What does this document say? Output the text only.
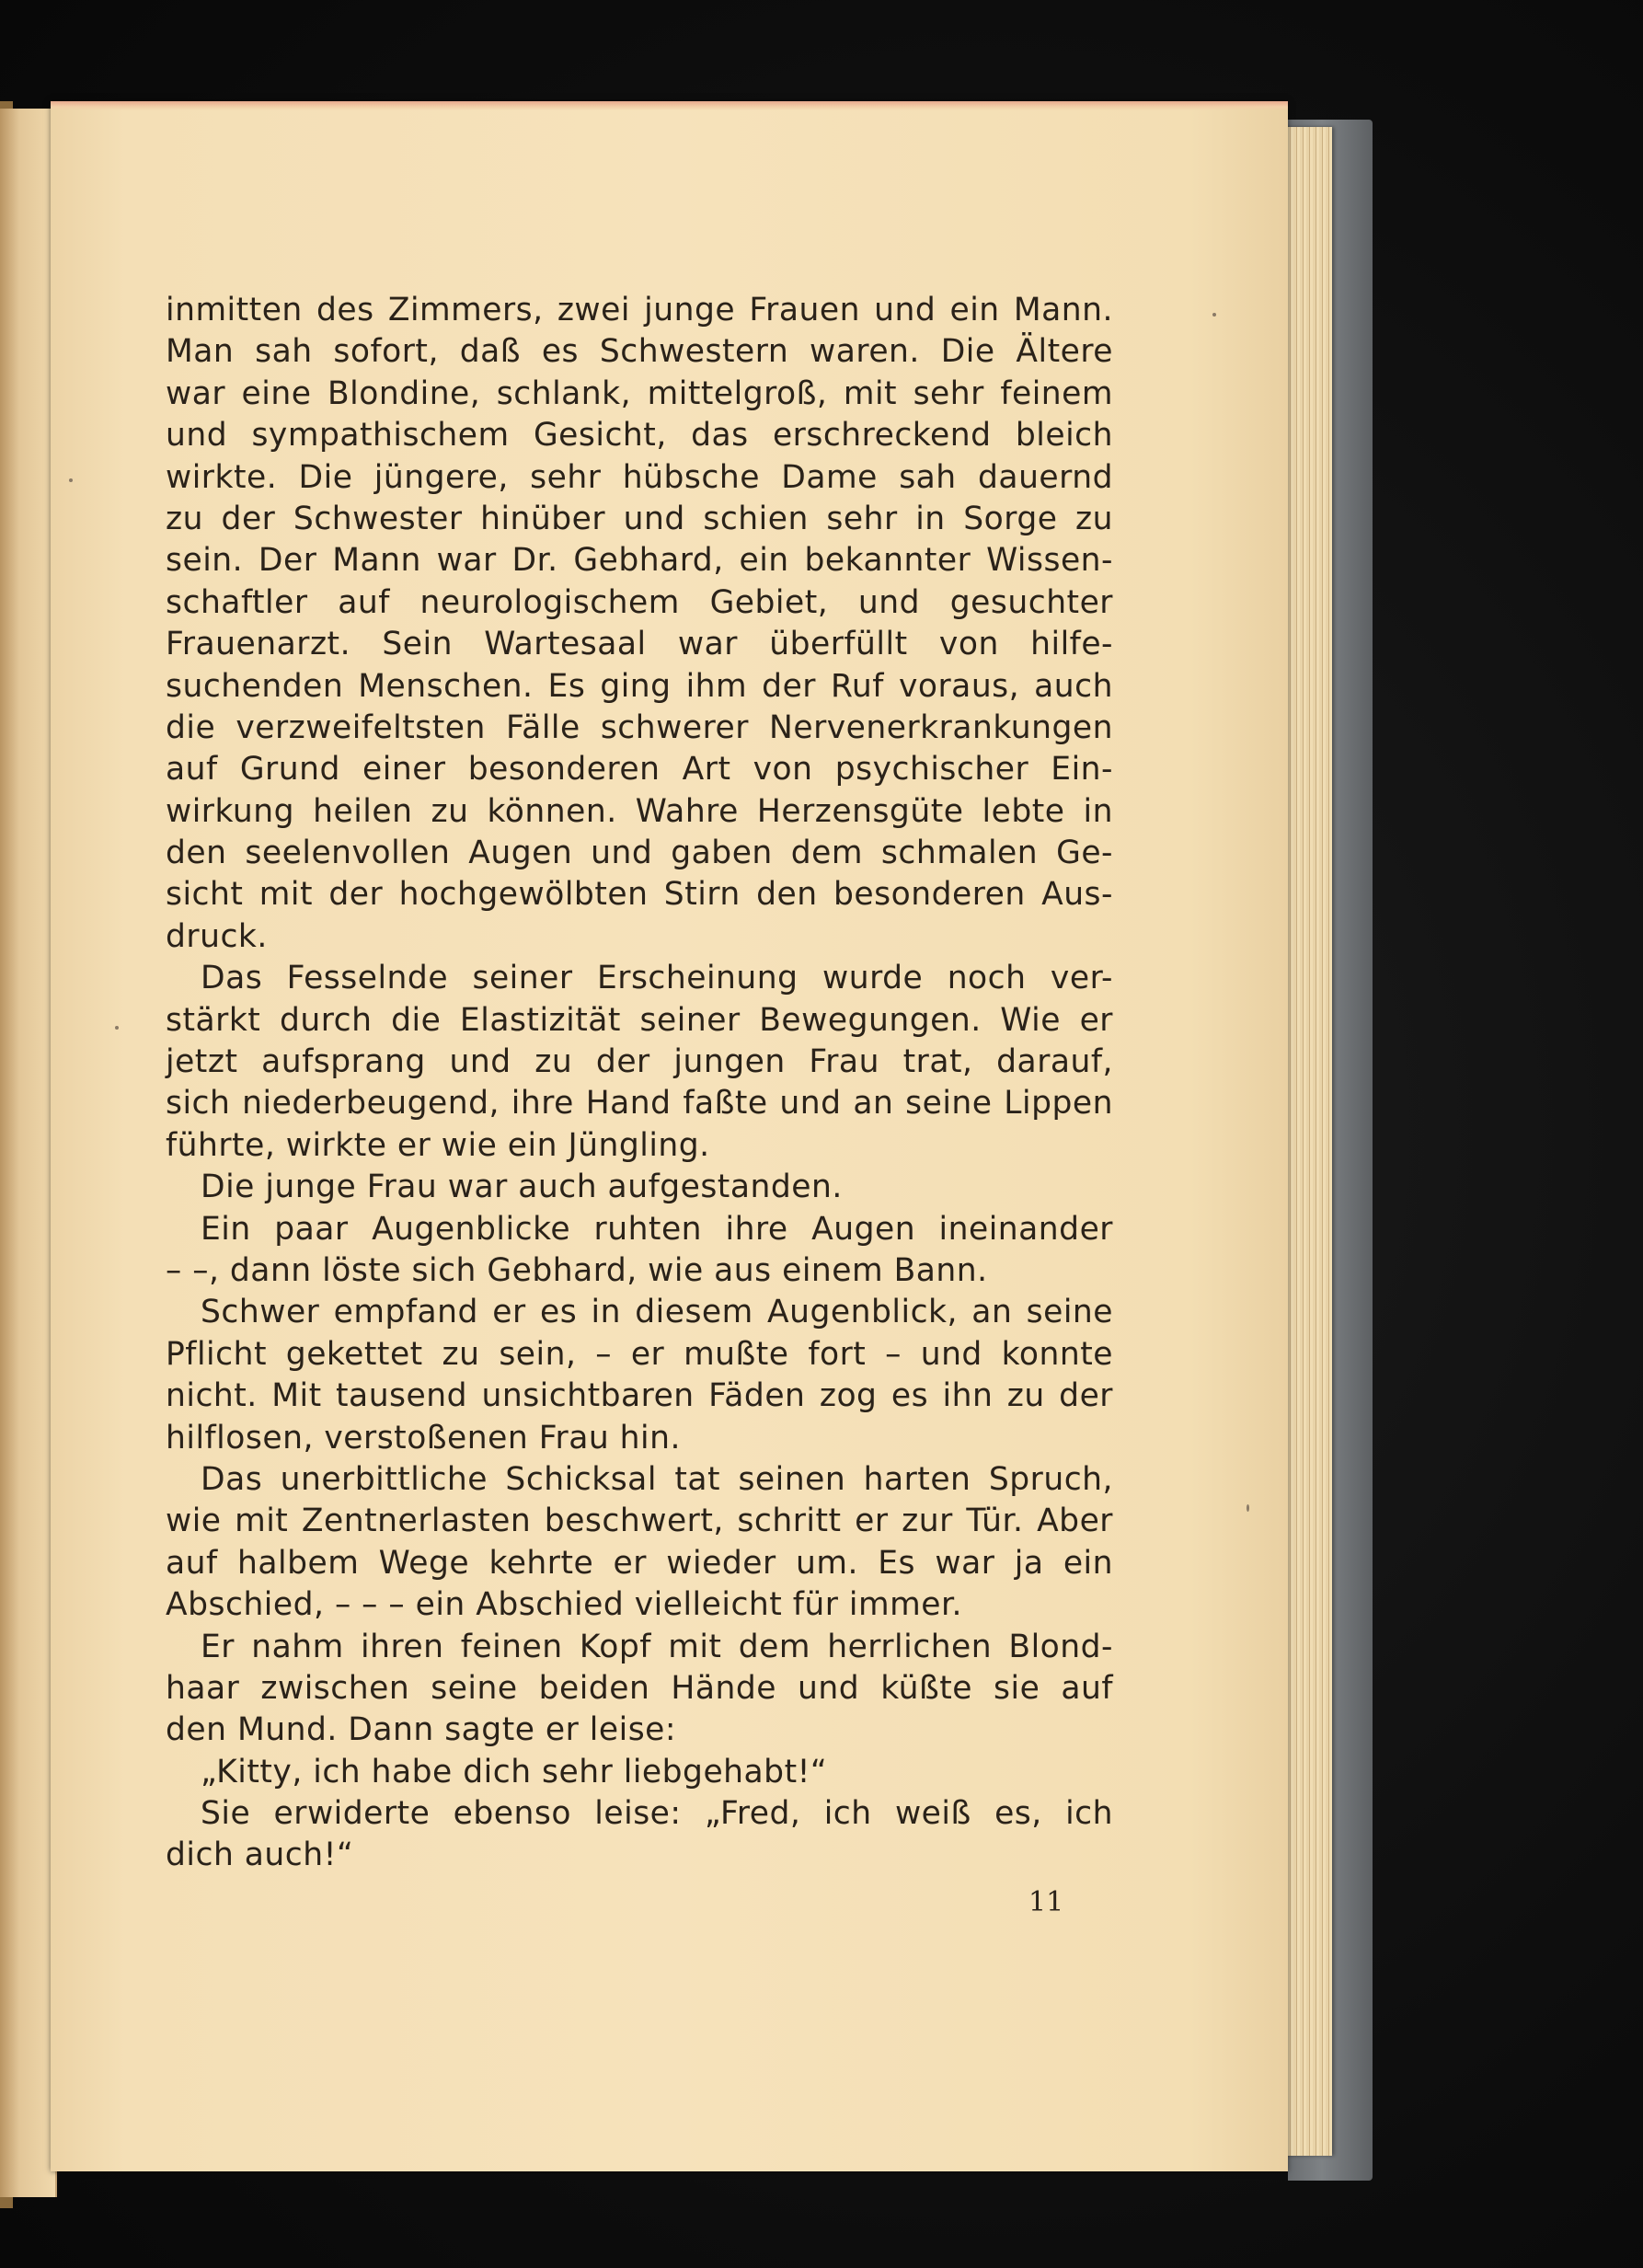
inmitten des Zimmers, zwei junge Frauen und ein Mann.
Man sah sofort, daß es Schwestern waren. Die Ältere
war eine Blondine, schlank, mittelgroß, mit sehr feinem
und sympathischem Gesicht, das erschreckend bleich
wirkte. Die jüngere, sehr hübsche Dame sah dauernd
zu der Schwester hinüber und schien sehr in Sorge zu
sein. Der Mann war Dr. Gebhard, ein bekannter Wissen-
schaftler auf neurologischem Gebiet, und gesuchter
Frauenarzt. Sein Wartesaal war überfüllt von hilfe-
suchenden Menschen. Es ging ihm der Ruf voraus, auch
die verzweifeltsten Fälle schwerer Nervenerkrankungen
auf Grund einer besonderen Art von psychischer Ein-
wirkung heilen zu können. Wahre Herzensgüte lebte in
den seelenvollen Augen und gaben dem schmalen Ge-
sicht mit der hochgewölbten Stirn den besonderen Aus-
druck.
Das Fesselnde seiner Erscheinung wurde noch ver-
stärkt durch die Elastizität seiner Bewegungen. Wie er
jetzt aufsprang und zu der jungen Frau trat, darauf,
sich niederbeugend, ihre Hand faßte und an seine Lippen
führte, wirkte er wie ein Jüngling.
Die junge Frau war auch aufgestanden.
Ein paar Augenblicke ruhten ihre Augen ineinander
– –, dann löste sich Gebhard, wie aus einem Bann.
Schwer empfand er es in diesem Augenblick, an seine
Pflicht gekettet zu sein, – er mußte fort – und konnte
nicht. Mit tausend unsichtbaren Fäden zog es ihn zu der
hilflosen, verstoßenen Frau hin.
Das unerbittliche Schicksal tat seinen harten Spruch,
wie mit Zentnerlasten beschwert, schritt er zur Tür. Aber
auf halbem Wege kehrte er wieder um. Es war ja ein
Abschied, – – – ein Abschied vielleicht für immer.
Er nahm ihren feinen Kopf mit dem herrlichen Blond-
haar zwischen seine beiden Hände und küßte sie auf
den Mund. Dann sagte er leise:
„Kitty, ich habe dich sehr liebgehabt!“
Sie erwiderte ebenso leise: „Fred, ich weiß es, ich
dich auch!“
11
